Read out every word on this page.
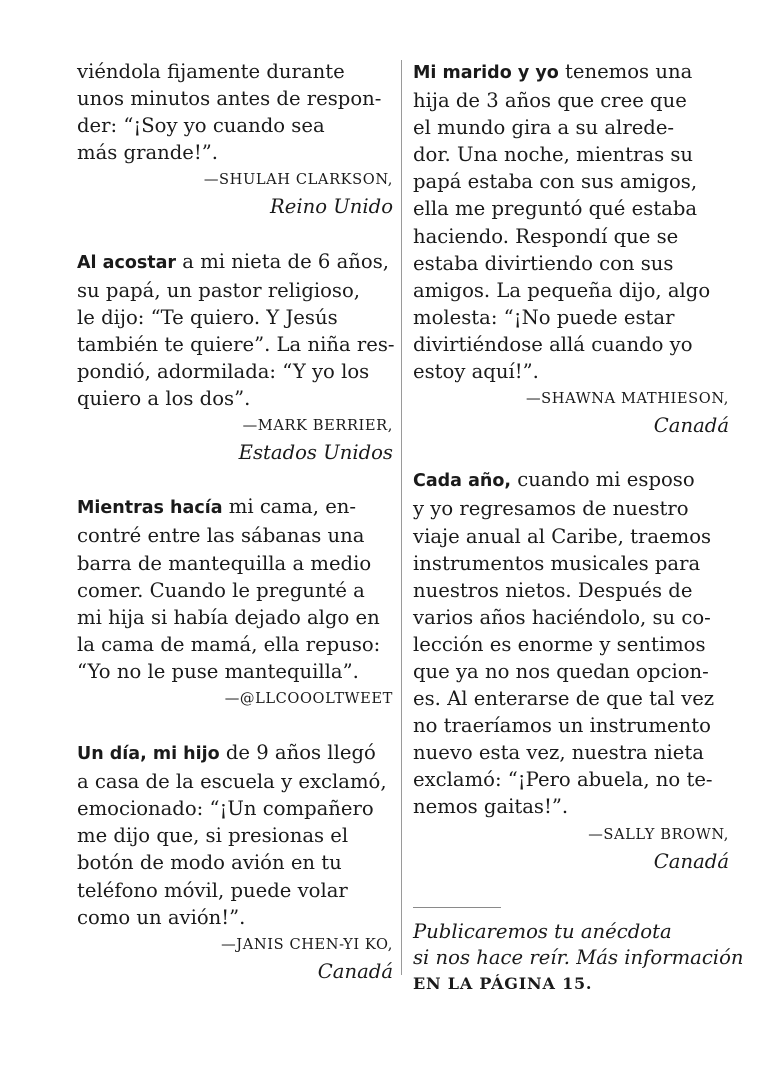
viéndola fijamente durante
unos minutos antes de respon-
der: “¡Soy yo cuando sea
más grande!”.

—SHULAH CLARKSON,
Reino Unido

Al acostar a mi nieta de 6 años,
su papá, un pastor religioso,
le dijo: “Te quiero. Y Jesús
también te quiere”. La niña res-
pondió, adormilada: “Y yo los
quiero a los dos”.

—MARK BERRIER,
Estados Unidos

Mientras hacía mi cama, en-
contré entre las sábanas una
barra de mantequilla a medio
comer. Cuando le pregunté a
mi hija si había dejado algo en
la cama de mamá, ella repuso:
“Yo no le puse mantequilla”.

—@LLCOOOLTWEET

Un día, mi hijo de 9 años llegó
a casa de la escuela y exclamó,
emocionado: “¡Un compañero
me dijo que, si presionas el
botón de modo avión en tu
teléfono móvil, puede volar
como un avión!”.

—JANIS CHEN-YI KO,
Canadá

Mi marido y yo tenemos una
hija de 3 años que cree que
el mundo gira a su alrede-
dor. Una noche, mientras su
papá estaba con sus amigos,
ella me preguntó qué estaba
haciendo. Respondí que se
estaba divirtiendo con sus
amigos. La pequeña dijo, algo
molesta: “¡No puede estar
divirtiéndose allá cuando yo
estoy aquí!”.

—SHAWNA MATHIESON,
Canadá

Cada año, cuando mi esposo
y yo regresamos de nuestro
viaje anual al Caribe, traemos
instrumentos musicales para
nuestros nietos. Después de
varios años haciéndolo, su co-
lección es enorme y sentimos
que ya no nos quedan opcion-
es. Al enterarse de que tal vez
no traeríamos un instrumento
nuevo esta vez, nuestra nieta
exclamó: “¡Pero abuela, no te-
nemos gaitas!”.

—SALLY BROWN,
Canadá

Publicaremos tu anécdota
si nos hace reír. Más información
EN LA PÁGINA 15.
